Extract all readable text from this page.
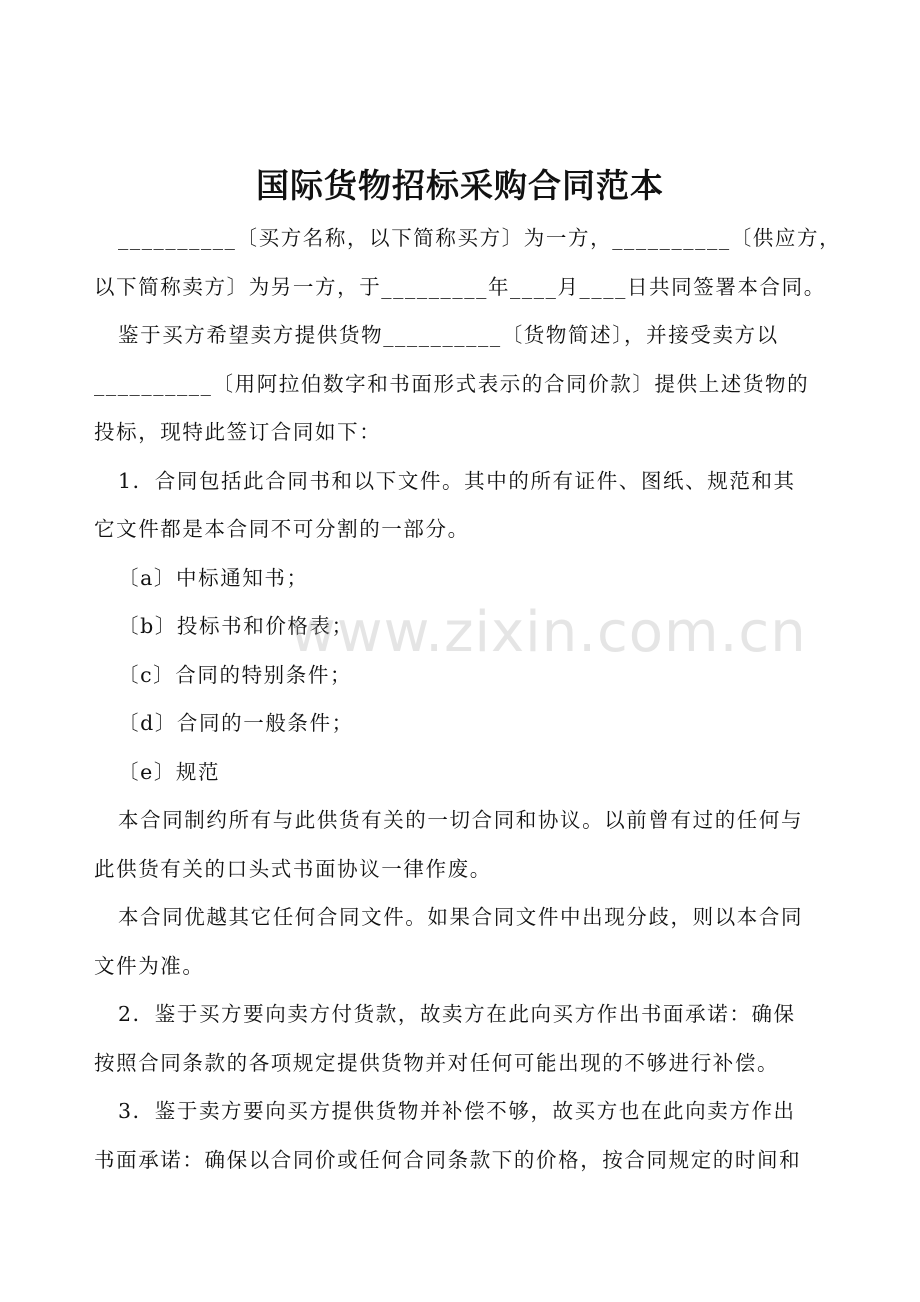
国际货物招标采购合同范本
__________〔买方名称，以下简称买方〕为一方，__________〔供应方，
以下简称卖方〕为另一方，于_________年____月____日共同签署本合同。
鉴于买方希望卖方提供货物__________〔货物简述〕，并接受卖方以
__________〔用阿拉伯数字和书面形式表示的合同价款〕提供上述货物的
投标，现特此签订合同如下：
1．合同包括此合同书和以下文件。其中的所有证件、图纸、规范和其
它文件都是本合同不可分割的一部分。
〔a〕中标通知书；
〔b〕投标书和价格表；
〔c〕合同的特别条件；
〔d〕合同的一般条件；
〔e〕规范
本合同制约所有与此供货有关的一切合同和协议。以前曾有过的任何与
此供货有关的口头式书面协议一律作废。
本合同优越其它任何合同文件。如果合同文件中出现分歧，则以本合同
文件为准。
2．鉴于买方要向卖方付货款，故卖方在此向买方作出书面承诺：确保
按照合同条款的各项规定提供货物并对任何可能出现的不够进行补偿。
3．鉴于卖方要向买方提供货物并补偿不够，故买方也在此向卖方作出
书面承诺：确保以合同价或任何合同条款下的价格，按合同规定的时间和
www.zixin.com.cn
